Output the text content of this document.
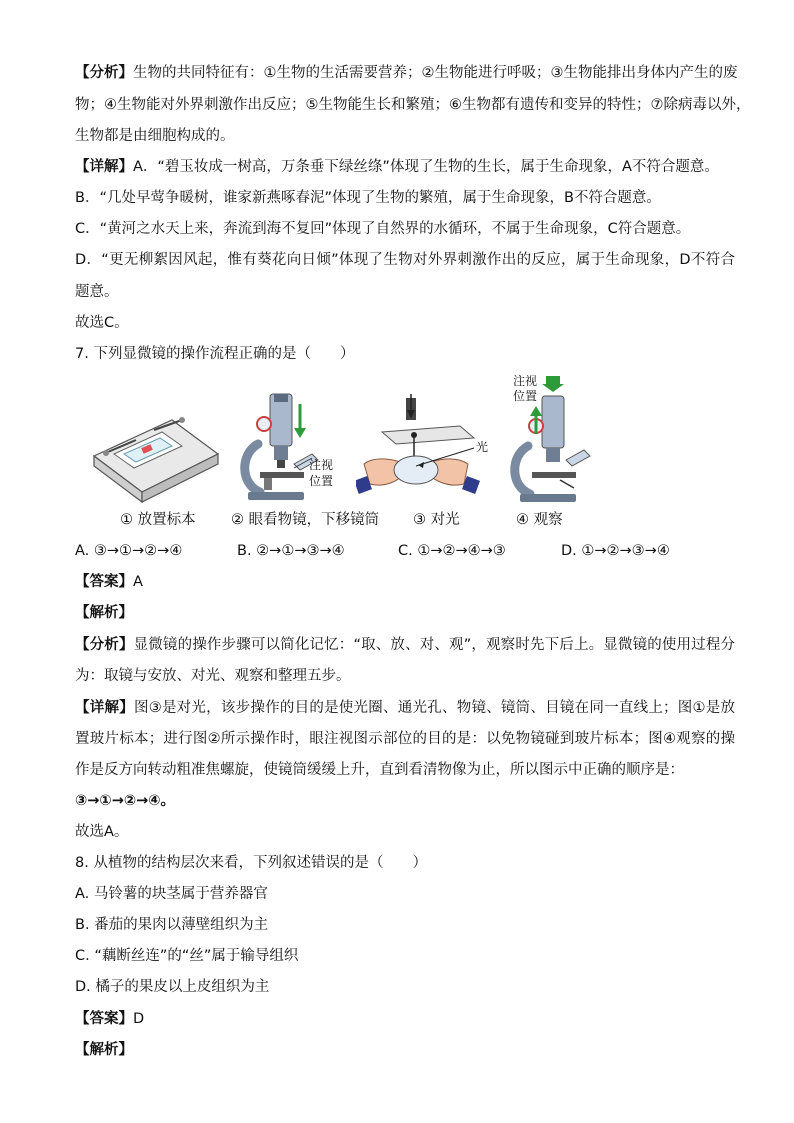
【分析】生物的共同特征有：①生物的生活需要营养；②生物能进行呼吸；③生物能排出身体内产生的废
物；④生物能对外界刺激作出反应；⑤生物能生长和繁殖；⑥生物都有遗传和变异的特性；⑦除病毒以外，
生物都是由细胞构成的。
【详解】A．“碧玉妆成一树高，万条垂下绿丝绦”体现了生物的生长，属于生命现象，A不符合题意。
B．“几处早莺争暖树，谁家新燕啄春泥”体现了生物的繁殖，属于生命现象，B不符合题意。
C．“黄河之水天上来，奔流到海不复回”体现了自然界的水循环，不属于生命现象，C符合题意。
D．“更无柳絮因风起，惟有葵花向日倾”体现了生物对外界刺激作出的反应，属于生命现象，D不符合
题意。
故选C。
7. 下列显微镜的操作流程正确的是（　　）
注视
位置
光
注视
位置
① 放置标本 ② 眼看物镜，下移镜筒 ③ 对光	④ 观察
A. ③→①→②→④	B. ②→①→③→④	C. ①→②→④→③	D. ①→②→③→④
【答案】A
【解析】
【分析】显微镜的操作步骤可以简化记忆：“取、放、对、观”，观察时先下后上。显微镜的使用过程分
为：取镜与安放、对光、观察和整理五步。
【详解】图③是对光，该步操作的目的是使光圈、通光孔、物镜、镜筒、目镜在同一直线上；图①是放
置玻片标本；进行图②所示操作时，眼注视图示部位的目的是：以免物镜碰到玻片标本；图④观察的操
作是反方向转动粗准焦螺旋，使镜筒缓缓上升，直到看清物像为止，所以图示中正确的顺序是：
③→①→②→④。
故选A。
8. 从植物的结构层次来看，下列叙述错误的是（　　）
A. 马铃薯的块茎属于营养器官
B. 番茄的果肉以薄壁组织为主
C. “藕断丝连”的“丝”属于输导组织
D. 橘子的果皮以上皮组织为主
【答案】D
【解析】
